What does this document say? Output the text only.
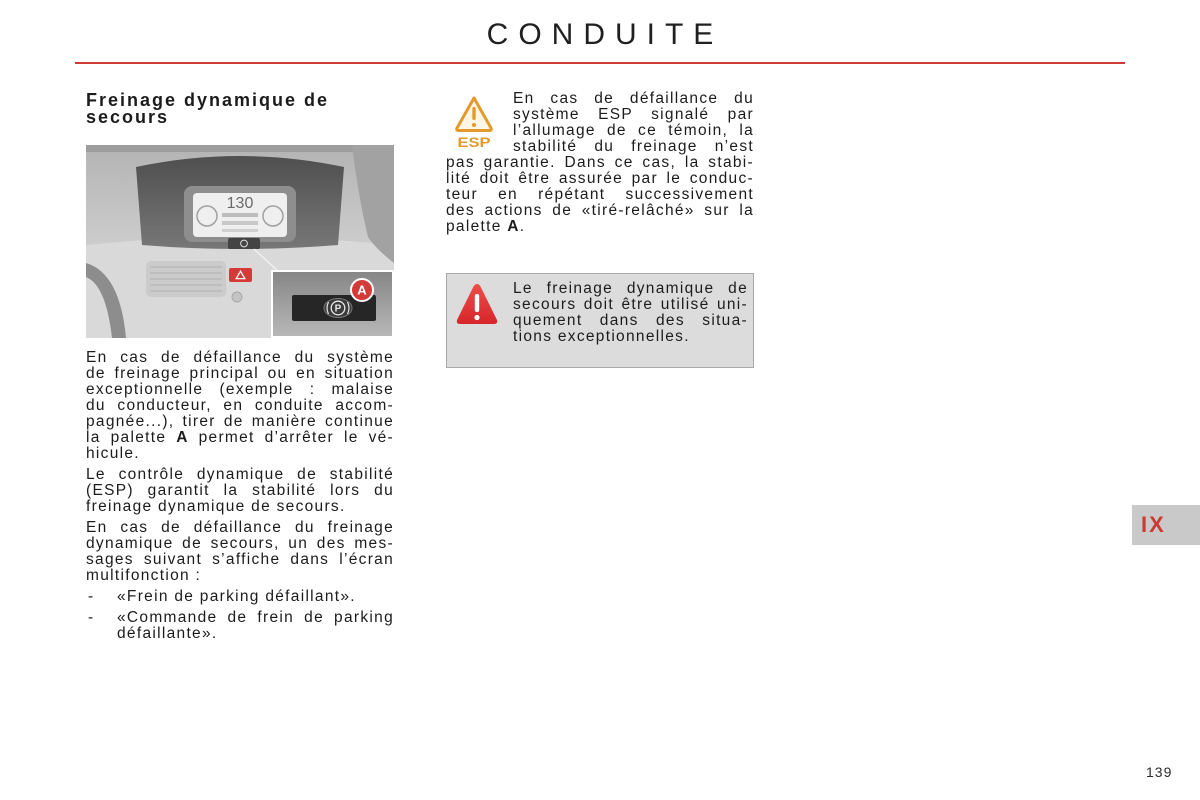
CONDUITE
Freinage dynamique de
secours
130
P
A
En cas de défaillance du système
de freinage principal ou en situation
exceptionnelle (exemple : malaise
du conducteur, en conduite accom-
pagnée...), tirer de manière continue
la palette A permet d’arrêter le vé-
hicule.
Le contrôle dynamique de stabilité
(ESP) garantit la stabilité lors du
freinage dynamique de secours.
En cas de défaillance du freinage
dynamique de secours, un des mes-
sages suivant s’affiche dans l’écran
multifonction :
- «Frein de parking défaillant».
- «Commande de frein de parking
défaillante».
ESP
En cas de défaillance du
système ESP signalé par
l’allumage de ce témoin, la
stabilité du freinage n’est
pas garantie. Dans ce cas, la stabi-
lité doit être assurée par le conduc-
teur en répétant successivement
des actions de «tiré-relâché» sur la
palette A.
Le freinage dynamique de
secours doit être utilisé uni-
quement dans des situa-
tions exceptionnelles.
IX
139
